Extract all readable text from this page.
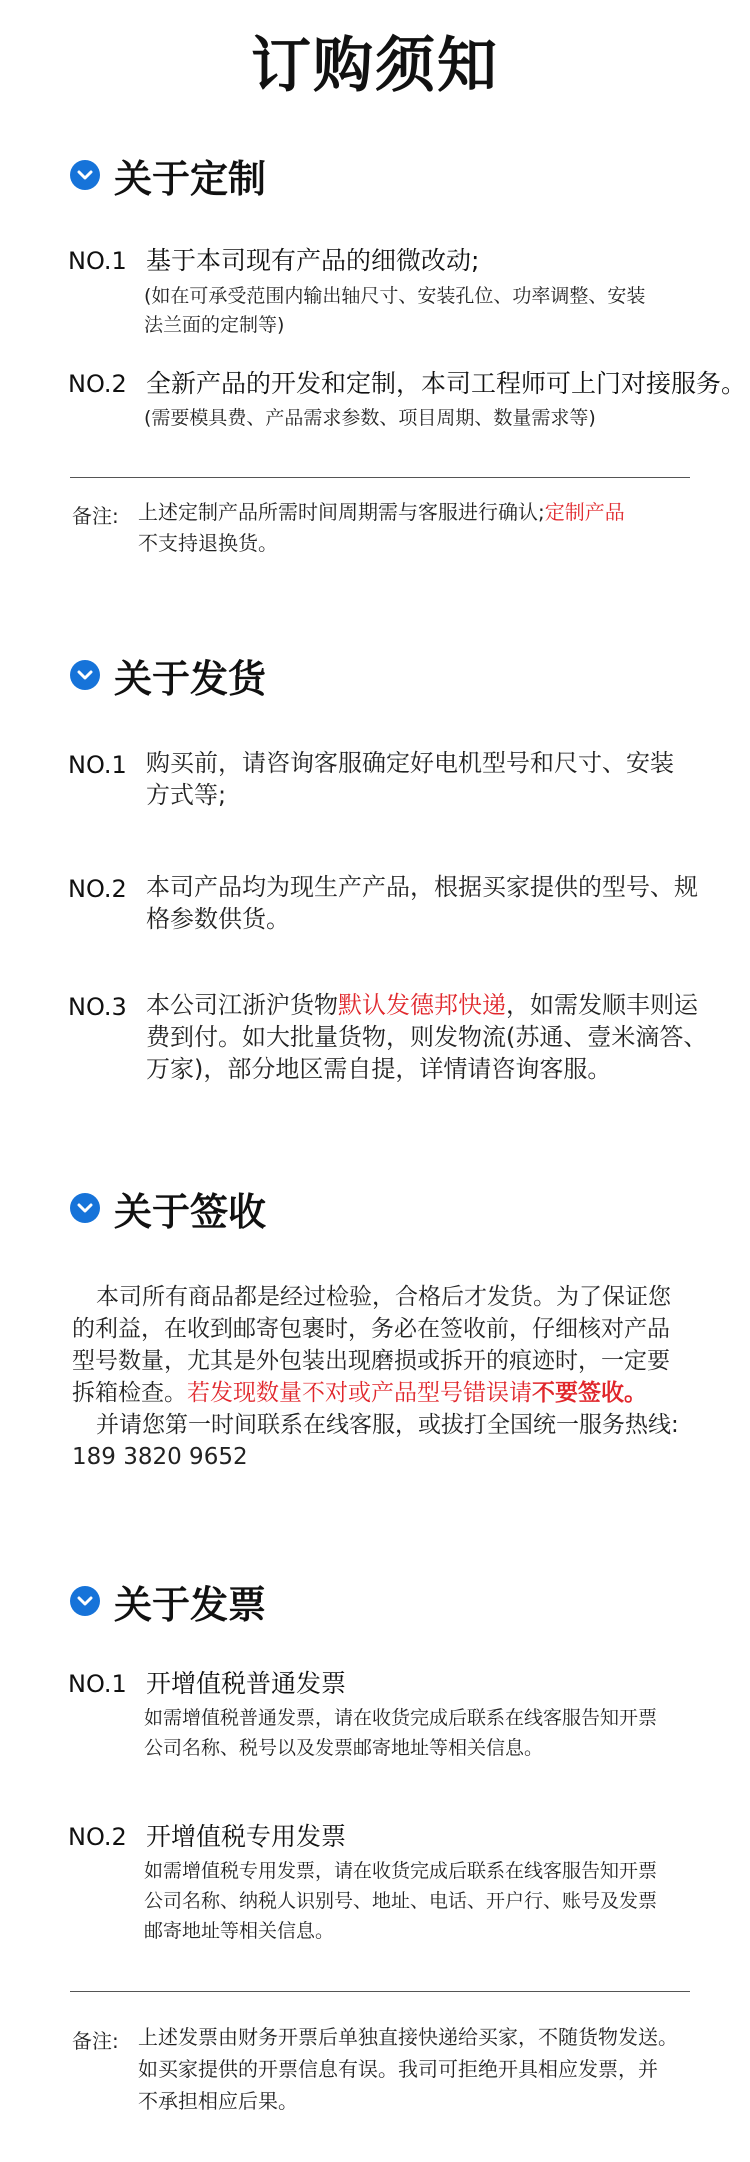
订购须知
关于定制
NO.1 基于本司现有产品的细微改动;
(如在可承受范围内输出轴尺寸、安装孔位、功率调整、安装
法兰面的定制等)
NO.2 全新产品的开发和定制，本司工程师可上门对接服务。
(需要模具费、产品需求参数、项目周期、数量需求等)
备注: 上述定制产品所需时间周期需与客服进行确认;定制产品
不支持退换货。
关于发货
NO.1 购买前，请咨询客服确定好电机型号和尺寸、安装
方式等;
NO.2 本司产品均为现生产产品，根据买家提供的型号、规
格参数供货。
NO.3 本公司江浙沪货物默认发德邦快递，如需发顺丰则运
费到付。如大批量货物，则发物流(苏通、壹米滴答、
万家)，部分地区需自提，详情请咨询客服。
关于签收
本司所有商品都是经过检验，合格后才发货。为了保证您
的利益，在收到邮寄包裹时，务必在签收前，仔细核对产品
型号数量，尤其是外包装出现磨损或拆开的痕迹时，一定要
拆箱检查。若发现数量不对或产品型号错误请不要签收。
并请您第一时间联系在线客服，或拔打全国统一服务热线:
189 3820 9652
关于发票
NO.1 开增值税普通发票
如需增值税普通发票，请在收货完成后联系在线客服告知开票
公司名称、税号以及发票邮寄地址等相关信息。
NO.2 开增值税专用发票
如需增值税专用发票，请在收货完成后联系在线客服告知开票
公司名称、纳税人识别号、地址、电话、开户行、账号及发票
邮寄地址等相关信息。
备注: 上述发票由财务开票后单独直接快递给买家，不随货物发送。
如买家提供的开票信息有误。我司可拒绝开具相应发票，并
不承担相应后果。
